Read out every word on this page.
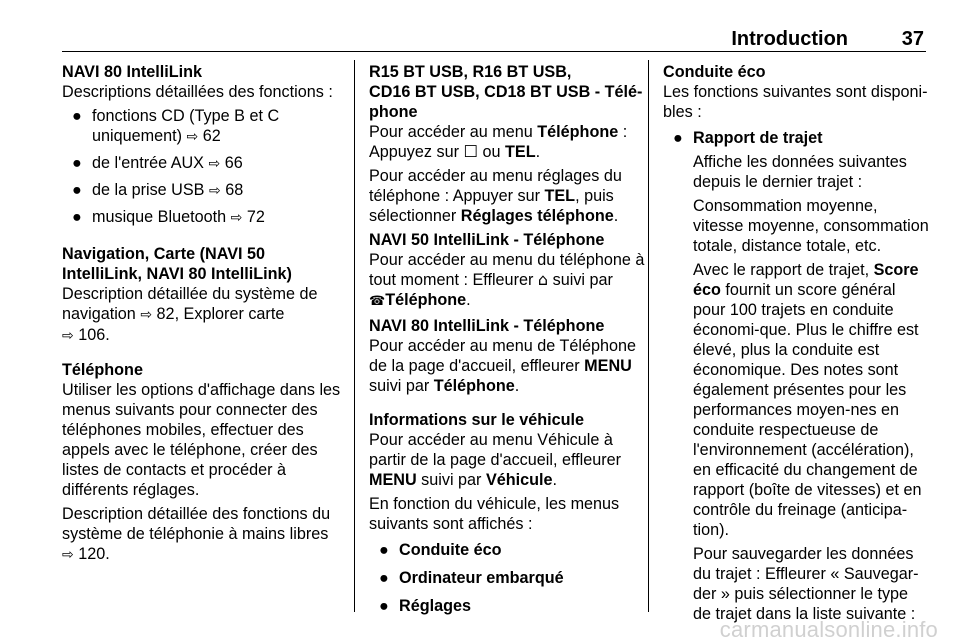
Introduction	37

NAVI 80 IntelliLink

Descriptions détaillées des fonctions :

● fonctions CD (Type B et C uniquement) ⇨ 62
● de l'entrée AUX ⇨ 66
● de la prise USB ⇨ 68
● musique Bluetooth ⇨ 72

Navigation, Carte (NAVI 50
IntelliLink, NAVI 80 IntelliLink)

Description détaillée du système de navigation ⇨ 82, Explorer carte
⇨ 106.

Téléphone

Utiliser les options d'affichage dans les menus suivants pour connecter des téléphones mobiles, effectuer des appels avec le téléphone, créer des listes de contacts et procéder à différents réglages.

Description détaillée des fonctions du système de téléphonie à mains libres
⇨ 120.

R15 BT USB, R16 BT USB,
CD16 BT USB, CD18 BT USB - Télé-phone

Pour accéder au menu Téléphone : Appuyez sur ☐ ou TEL.

Pour accéder au menu réglages du téléphone : Appuyer sur TEL, puis sélectionner Réglages téléphone.

NAVI 50 IntelliLink - Téléphone

Pour accéder au menu du téléphone à tout moment : Effleurer ⌂ suivi par
☎Téléphone.

NAVI 80 IntelliLink - Téléphone

Pour accéder au menu de Téléphone de la page d'accueil, effleurer MENU suivi par Téléphone.

Informations sur le véhicule

Pour accéder au menu Véhicule à partir de la page d'accueil, effleurer MENU suivi par Véhicule.

En fonction du véhicule, les menus suivants sont affichés :

● Conduite éco
● Ordinateur embarqué
● Réglages

Conduite éco

Les fonctions suivantes sont disponi-bles :

● Rapport de trajet

Affiche les données suivantes depuis le dernier trajet :

Consommation moyenne, vitesse moyenne, consommation totale, distance totale, etc.

Avec le rapport de trajet, Score éco fournit un score général pour 100 trajets en conduite économi-que. Plus le chiffre est élevé, plus la conduite est économique. Des notes sont également présentes pour les performances moyen-nes en conduite respectueuse de l'environnement (accélération), en efficacité du changement de rapport (boîte de vitesses) et en contrôle du freinage (anticipa-tion).

Pour sauvegarder les données du trajet : Effleurer « Sauvegar-der » puis sélectionner le type de trajet dans la liste suivante :

carmanualsonline.info
